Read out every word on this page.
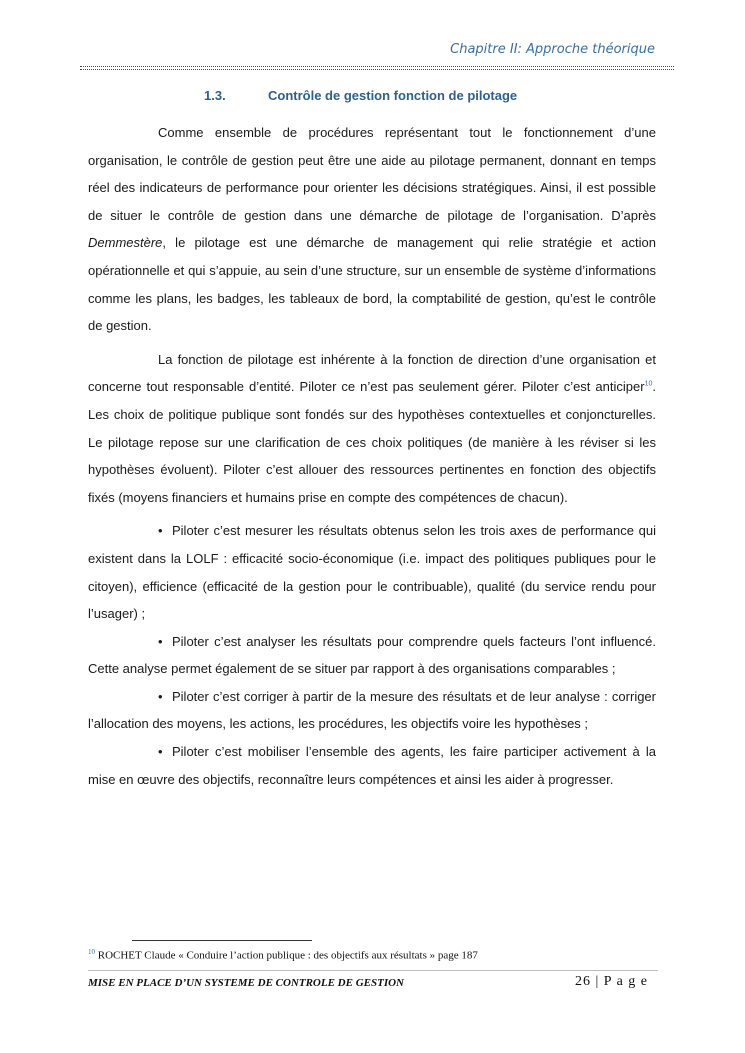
Chapitre II: Approche théorique
1.3.	Contrôle de gestion fonction de pilotage

Comme ensemble de procédures représentant tout le fonctionnement d’une organisation, le contrôle de gestion peut être une aide au pilotage permanent, donnant en temps réel des indicateurs de performance pour orienter les décisions stratégiques. Ainsi, il est possible de situer le contrôle de gestion dans une démarche de pilotage de l’organisation. D’après Demmestère, le pilotage est une démarche de management qui relie stratégie et action opérationnelle et qui s’appuie, au sein d’une structure, sur un ensemble de système d’informations comme les plans, les badges, les tableaux de bord, la comptabilité de gestion, qu’est le contrôle de gestion.

La fonction de pilotage est inhérente à la fonction de direction d’une organisation et concerne tout responsable d’entité. Piloter ce n’est pas seulement gérer. Piloter c’est anticiper$^{10}$. Les choix de politique publique sont fondés sur des hypothèses contextuelles et conjoncturelles. Le pilotage repose sur une clarification de ces choix politiques (de manière à les réviser si les hypothèses évoluent). Piloter c’est allouer des ressources pertinentes en fonction des objectifs fixés (moyens financiers et humains prise en compte des compétences de chacun).

• Piloter c’est mesurer les résultats obtenus selon les trois axes de performance qui existent dans la LOLF : efficacité socio-économique (i.e. impact des politiques publiques pour le citoyen), efficience (efficacité de la gestion pour le contribuable), qualité (du service rendu pour l’usager) ;

• Piloter c’est analyser les résultats pour comprendre quels facteurs l’ont influencé. Cette analyse permet également de se situer par rapport à des organisations comparables ;

• Piloter c’est corriger à partir de la mesure des résultats et de leur analyse : corriger l’allocation des moyens, les actions, les procédures, les objectifs voire les hypothèses ;

• Piloter c’est mobiliser l’ensemble des agents, les faire participer activement à la mise en œuvre des objectifs, reconnaître leurs compétences et ainsi les aider à progresser.

$^{10}$ ROCHET Claude « Conduire l’action publique : des objectifs aux résultats » page 187
MISE EN PLACE D’UN SYSTEME DE CONTROLE DE GESTION	26 | P a g e
